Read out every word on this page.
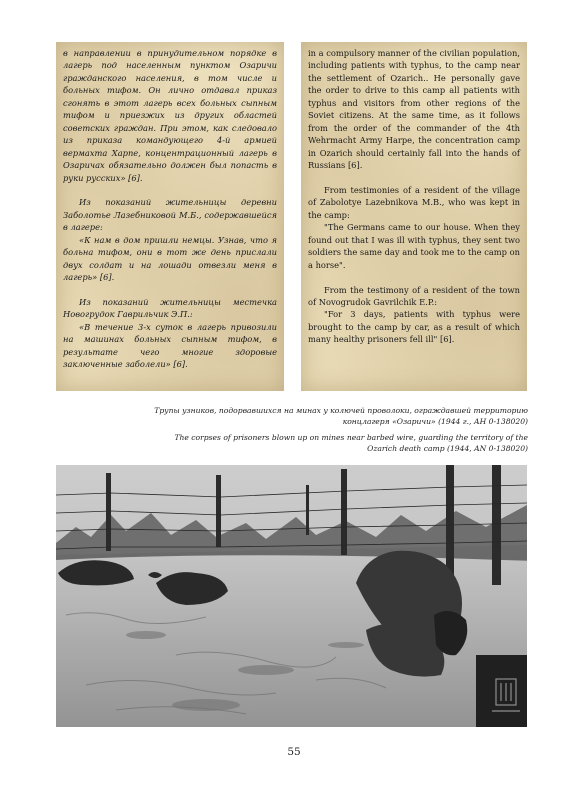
в направлении в принудительном порядке в лагерь под населенным пунктом Озаричи гражданского населения, в том числе и больных тифом. Он лично отдавал приказ сгонять в этот лагерь всех больных сыпным тифом и приезжих из других областей советских граждан. При этом, как следовало из приказа командующего 4-й армией вермахта Харпе, концентрационный лагерь в Озаричах обязательно должен был попасть в руки русских» [6].

Из показаний жительницы деревни Заболотье Лазебниковой М.Б., содержавшейся в лагере:

«К нам в дом пришли немцы. Узнав, что я больна тифом, они в тот же день прислали двух солдат и на лошади отвезли меня в лагерь» [6].

Из показаний жительницы местечка Новогрудок Гаврильчик Э.П.:

«В течение 3-х суток в лагерь привозили на машинах больных сыпным тифом, в результате чего многие здоровые заключенные заболели» [6].

in a compulsory manner of the civilian population, including patients with typhus, to the camp near the settlement of Ozarich.. He personally gave the order to drive to this camp all patients with typhus and visitors from other regions of the Soviet citizens. At the same time, as it follows from the order of the commander of the 4th Wehrmacht Army Harpe, the concentration camp in Ozarich should certainly fall into the hands of Russians [6].

From testimonies of a resident of the village of Zabolotye Lazebnikova M.B., who was kept in the camp:

"The Germans came to our house. When they found out that I was ill with typhus, they sent two soldiers the same day and took me to the camp on a horse".

From the testimony of a resident of the town of Novogrudok Gavrilchik E.P.:

"For 3 days, patients with typhus were brought to the camp by car, as a result of which many healthy prisoners fell ill" [6].

Трупы узников, подорвавшихся на минах у колючей проволоки, ограждавшей территорию концлагеря «Озаричи» (1944 г., АН 0-138020)
The corpses of prisoners blown up on mines near barbed wire, guarding the territory of the Ozarich death camp (1944, AN 0-138020)
55
